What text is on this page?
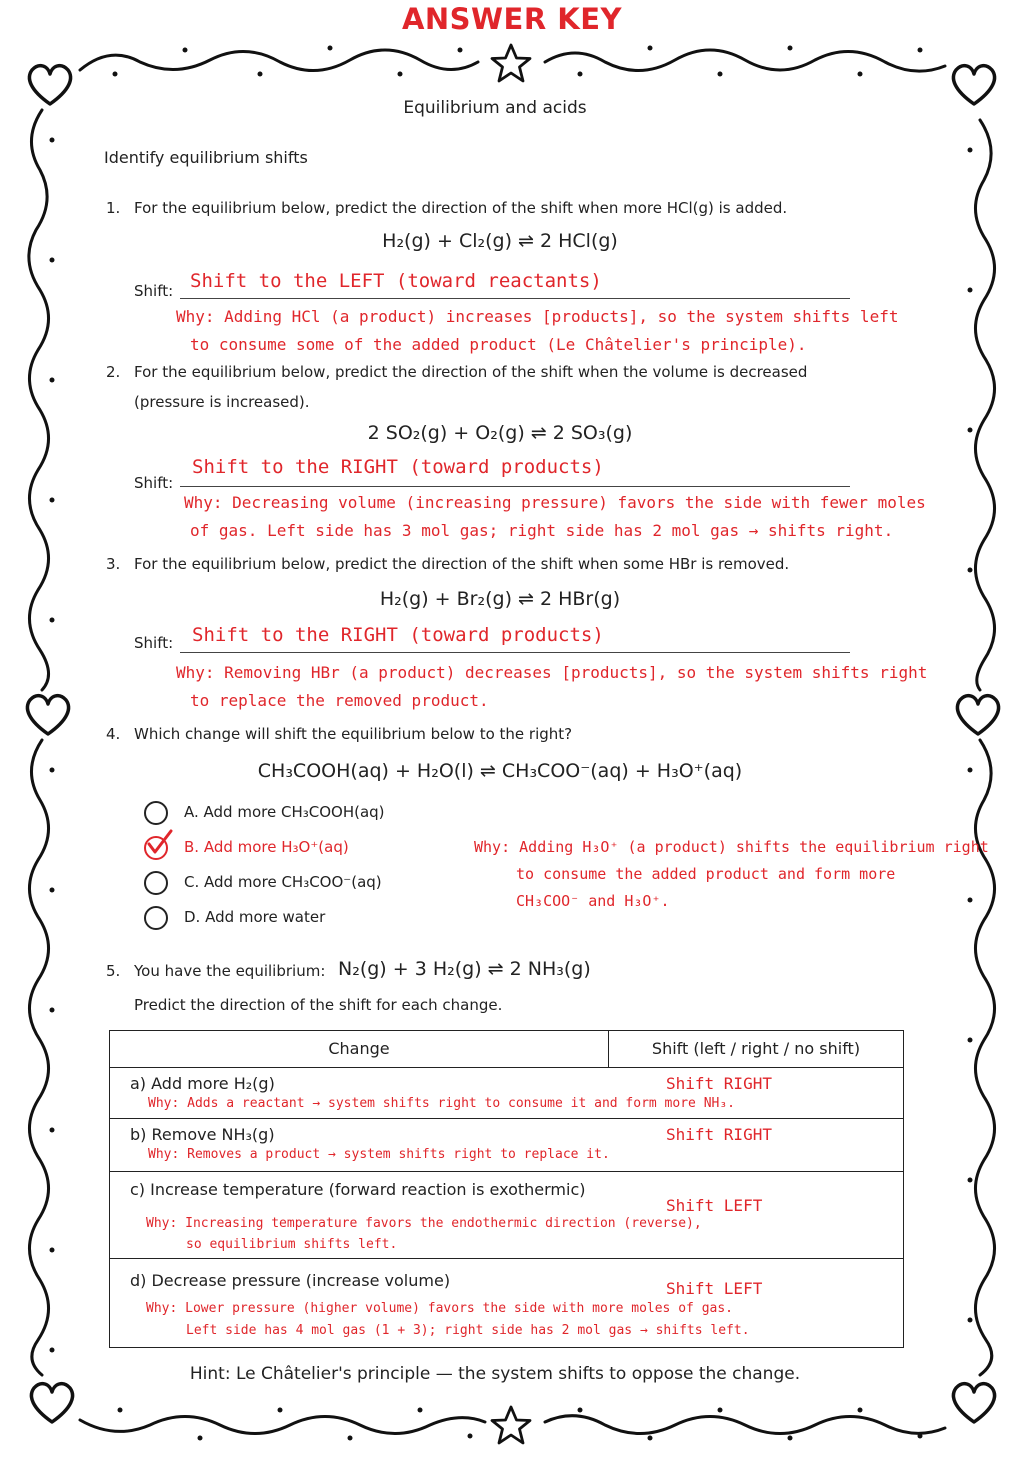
ANSWER KEY
Equilibrium and acids
Identify equilibrium shifts
1. For the equilibrium below, predict the direction of the shift when more HCl(g) is added.
H₂(g) + Cl₂(g) ⇌ 2 HCl(g)
Shift: Shift to the LEFT (toward reactants)
Why: Adding HCl (a product) increases [products], so the system shifts left
to consume some of the added product (Le Châtelier's principle).
2. For the equilibrium below, predict the direction of the shift when the volume is decreased
(pressure is increased).
2 SO₂(g) + O₂(g) ⇌ 2 SO₃(g)
Shift to the RIGHT (toward products)
Shift:
Why: Decreasing volume (increasing pressure) favors the side with fewer moles
of gas. Left side has 3 mol gas; right side has 2 mol gas → shifts right.
3. For the equilibrium below, predict the direction of the shift when some HBr is removed.
H₂(g) + Br₂(g) ⇌ 2 HBr(g)
Shift: Shift to the RIGHT (toward products)
Why: Removing HBr (a product) decreases [products], so the system shifts right
to replace the removed product.
4. Which change will shift the equilibrium below to the right?
CH₃COOH(aq) + H₂O(l) ⇌ CH₃COO⁻(aq) + H₃O⁺(aq)
A. Add more CH₃COOH(aq)
B. Add more H₃O⁺(aq)
C. Add more CH₃COO⁻(aq)
D. Add more water
Why: Adding H₃O⁺ (a product) shifts the equilibrium right
to consume the added product and form more
CH₃COO⁻ and H₃O⁺.
5. You have the equilibrium: N₂(g) + 3 H₂(g) ⇌ 2 NH₃(g)
Predict the direction of the shift for each change.
Change	Shift (left / right / no shift)

a) Add more H₂(g)
Why: Adds a reactant → system shifts right to consume it and form more NH₃.
Shift RIGHT

b) Remove NH₃(g)
Why: Removes a product → system shifts right to replace it.
Shift RIGHT

c) Increase temperature (forward reaction is exothermic)
Shift LEFT
Why: Increasing temperature favors the endothermic direction (reverse),
so equilibrium shifts left.

d) Decrease pressure (increase volume)	Shift LEFT
Why: Lower pressure (higher volume) favors the side with more moles of gas.
Left side has 4 mol gas (1 + 3); right side has 2 mol gas → shifts left.
Hint: Le Châtelier's principle — the system shifts to oppose the change.
